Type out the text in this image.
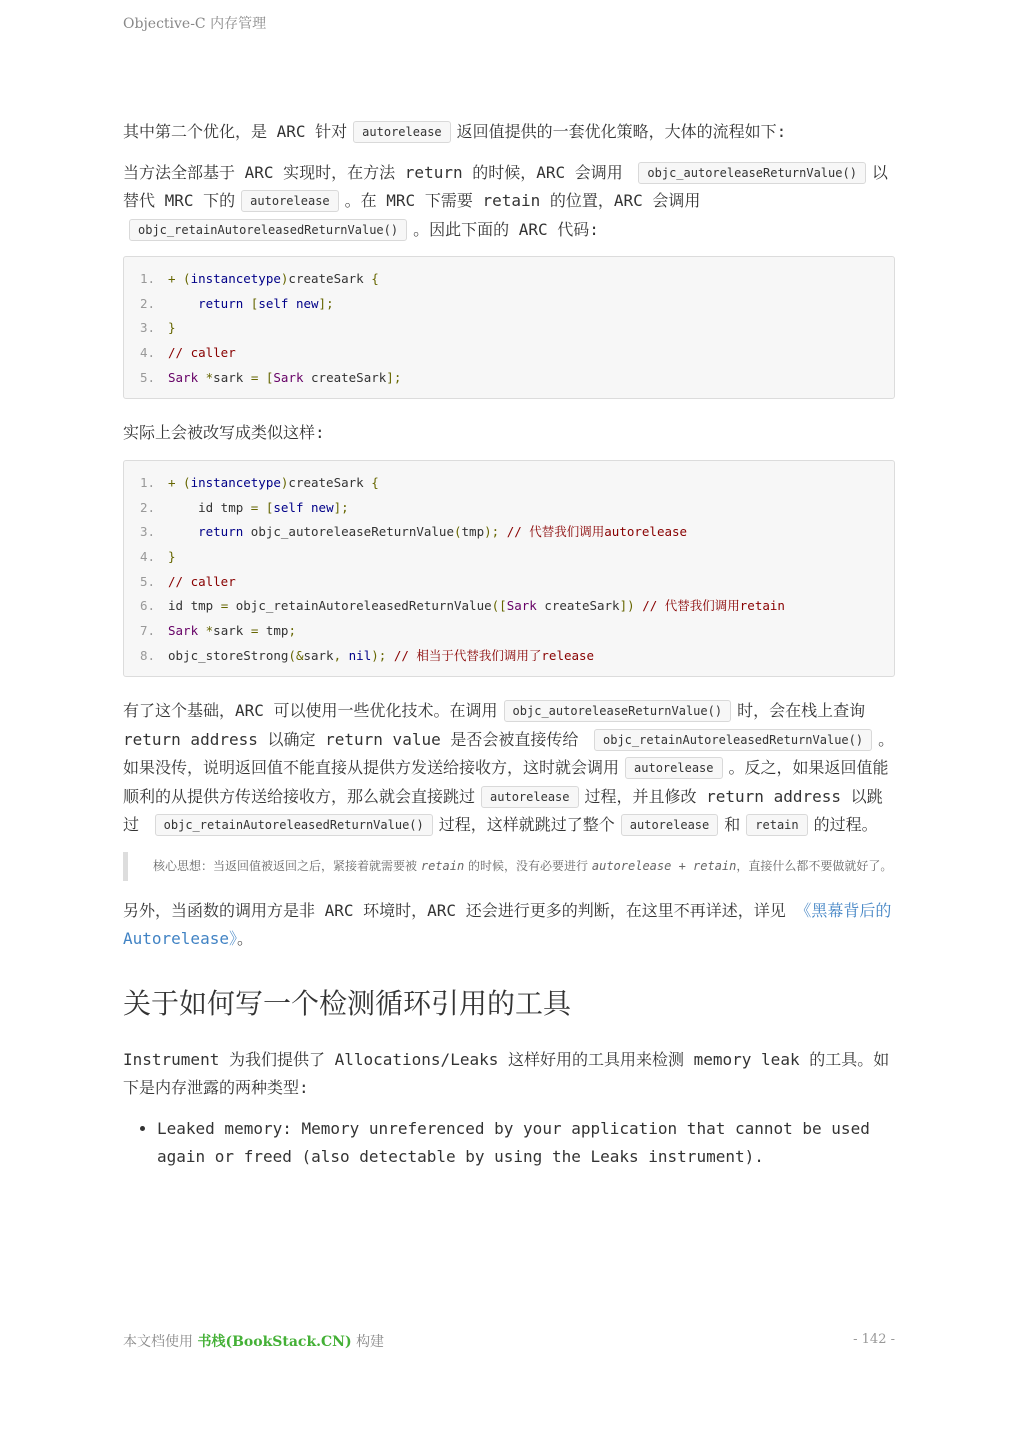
Objective-C 内存管理

其中第二个优化，是 ARC 针对 autorelease 返回值提供的一套优化策略，大体的流程如下:

当方法全部基于 ARC 实现时，在方法 return 的时候，ARC 会调用 objc_autoreleaseReturnValue() 以替代 MRC 下的 autorelease 。在 MRC 下需要 retain 的位置，ARC 会调用objc_retainAutoreleasedReturnValue() 。因此下面的 ARC 代码:

1. + (instancetype)createSark {
2.	return [self new];
3. }
4. // caller
5. Sark *sark = [Sark createSark];

实际上会被改写成类似这样:

1. + (instancetype)createSark {
2.    id tmp = [self new];
3.	return objc_autoreleaseReturnValue(tmp); // 代替我们调用autorelease
4. }
5. // caller
6. id tmp = objc_retainAutoreleasedReturnValue([Sark createSark]) // 代替我们调用retain
7. Sark *sark = tmp;
8. objc_storeStrong(&sark, nil); // 相当于代替我们调用了release

有了这个基础，ARC 可以使用一些优化技术。在调用 objc_autoreleaseReturnValue() 时，会在栈上查询 return address 以确定 return value 是否会被直接传给 objc_retainAutoreleasedReturnValue() 。 如果没传，说明返回值不能直接从提供方发送给接收方，这时就会调用 autorelease 。反之，如果返回值能顺利的从提供方传送给接收方，那么就会直接跳过 autorelease 过程，并且修改 return address 以跳过 objc_retainAutoreleasedReturnValue() 过程，这样就跳过了整个 autorelease 和 retain 的过程。

核心思想：当返回值被返回之后，紧接着就需要被 retain 的时候，没有必要进行 autorelease + retain，直接什么都不要做就好了。

另外，当函数的调用方是非 ARC 环境时，ARC 还会进行更多的判断，在这里不再详述，详见 《黑幕背后的 Autorelease》。

关于如何写一个检测循环引用的工具

Instrument 为我们提供了 Allocations/Leaks 这样好用的工具用来检测 memory leak 的工具。如下是内存泄露的两种类型:

• Leaked memory: Memory unreferenced by your application that cannot be used again or freed (also detectable by using the Leaks instrument).
本文档使用 书栈(BookStack.CN) 构建	- 142 -
